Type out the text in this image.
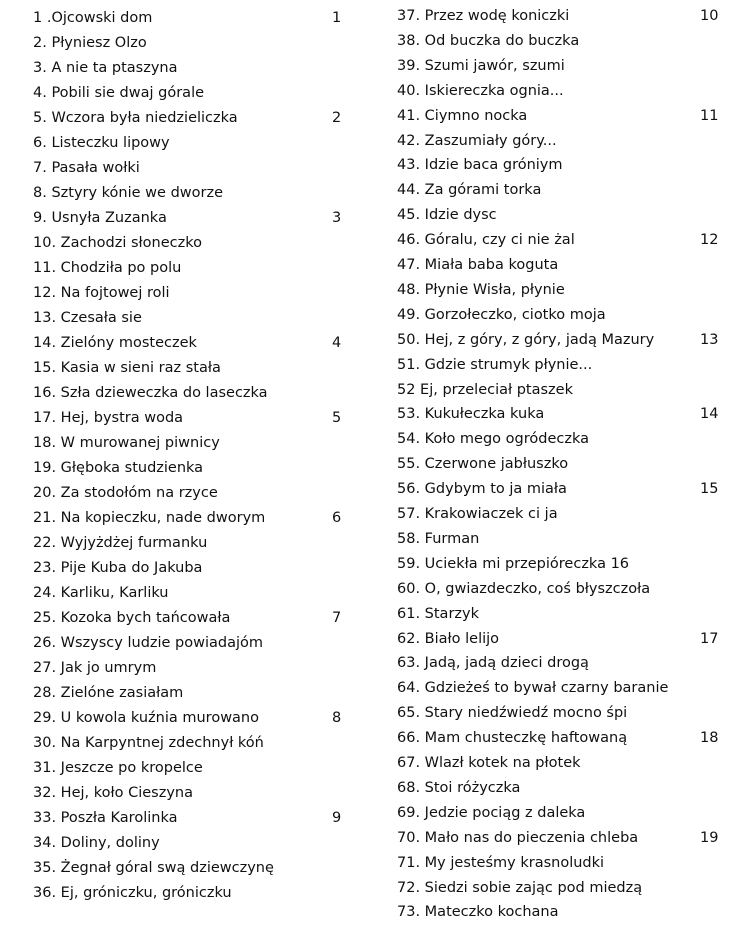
1 .Ojcowski dom	1
2. Płyniesz Olzo
3. A nie ta ptaszyna
4. Pobili sie dwaj górale
5. Wczora była niedzieliczka	2
6. Listeczku lipowy
7. Pasała wołki
8. Sztyry kónie we dworze
9. Usnyła Zuzanka	3
10. Zachodzi słoneczko
11. Chodziła po polu
12. Na fojtowej roli
13. Czesała sie
14. Zielóny mosteczek	4
15. Kasia w sieni raz stała
16. Szła dzieweczka do laseczka
17. Hej, bystra woda	5
18. W murowanej piwnicy
19. Głęboka studzienka
20. Za stodołóm na rzyce
21. Na kopieczku, nade dworym	6
22. Wyjyżdżej furmanku
23. Pije Kuba do Jakuba
24. Karliku, Karliku
25. Kozoka bych tańcowała	7
26. Wszyscy ludzie powiadajóm
27. Jak jo umrym
28. Zielóne zasiałam
29. U kowola kuźnia murowano	8
30. Na Karpyntnej zdechnył kóń
31. Jeszcze po kropelce
32. Hej, koło Cieszyna
33. Poszła Karolinka	9
34. Doliny, doliny
35. Żegnał góral swą dziewczynę
36. Ej, gróniczku, gróniczku
37. Przez wodę koniczki	10
38. Od buczka do buczka
39. Szumi jawór, szumi
40. Iskiereczka ognia...
41. Ciymno nocka	11
42. Zaszumiały góry...
43. Idzie baca gróniym
44. Za górami torka
45. Idzie dysc
46. Góralu, czy ci nie żal	12
47. Miała baba koguta
48. Płynie Wisła, płynie
49. Gorzołeczko, ciotko moja
50. Hej, z góry, z góry, jadą Mazury	13
51. Gdzie strumyk płynie...
52 Ej, przeleciał ptaszek
53. Kukułeczka kuka	14
54. Koło mego ogródeczka
55. Czerwone jabłuszko
56. Gdybym to ja miała	15
57. Krakowiaczek ci ja
58. Furman
59. Uciekła mi przepióreczka 16
60. O, gwiazdeczko, coś błyszczoła
61. Starzyk
62. Biało lelijo	17
63. Jadą, jadą dzieci drogą
64. Gdzieżeś to bywał czarny baranie
65. Stary niedźwiedź mocno śpi
66. Mam chusteczkę haftowaną	18
67. Wlazł kotek na płotek
68. Stoi różyczka
69. Jedzie pociąg z daleka
70. Mało nas do pieczenia chleba	19
71. My jesteśmy krasnoludki
72. Siedzi sobie zając pod miedzą
73. Mateczko kochana
